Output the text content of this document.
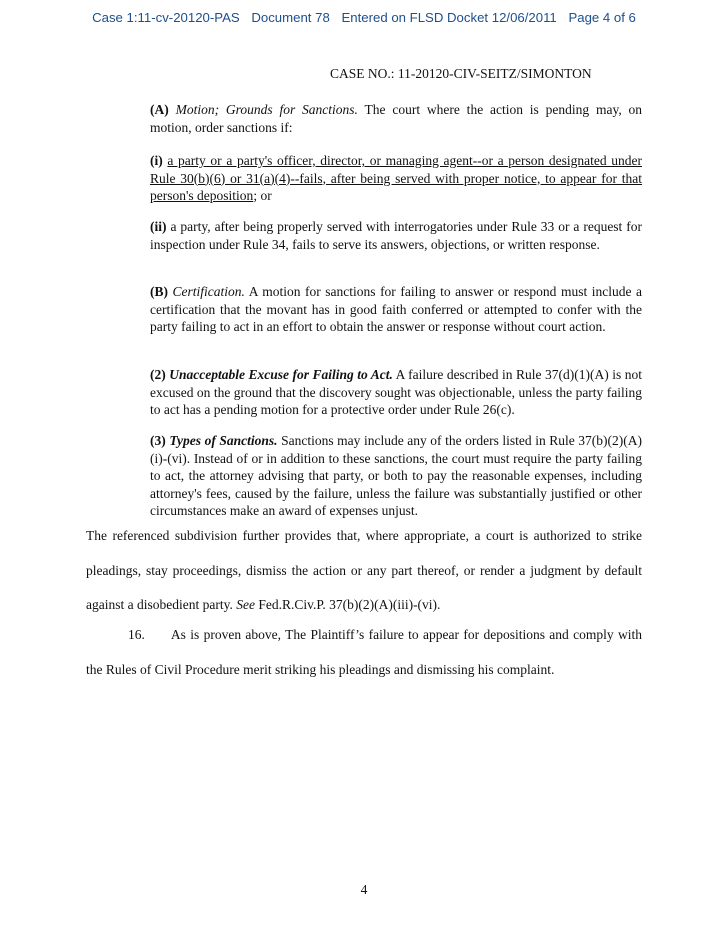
Case 1:11-cv-20120-PAS Document 78 Entered on FLSD Docket 12/06/2011 Page 4 of 6
CASE NO.: 11-20120-CIV-SEITZ/SIMONTON

(A) Motion; Grounds for Sanctions. The court where the action is pending may, on motion, order sanctions if:

(i) a party or a party's officer, director, or managing agent--or a person designated under Rule 30(b)(6) or 31(a)(4)--fails, after being served with proper notice, to appear for that person's deposition; or

(ii) a party, after being properly served with interrogatories under Rule 33 or a request for inspection under Rule 34, fails to serve its answers, objections, or written response.

(B) Certification. A motion for sanctions for failing to answer or respond must include a certification that the movant has in good faith conferred or attempted to confer with the party failing to act in an effort to obtain the answer or response without court action.

(2) Unacceptable Excuse for Failing to Act. A failure described in Rule 37(d)(1)(A) is not excused on the ground that the discovery sought was objectionable, unless the party failing to act has a pending motion for a protective order under Rule 26(c).

(3) Types of Sanctions. Sanctions may include any of the orders listed in Rule 37(b)(2)(A)(i)-(vi). Instead of or in addition to these sanctions, the court must require the party failing to act, the attorney advising that party, or both to pay the reasonable expenses, including attorney's fees, caused by the failure, unless the failure was substantially justified or other circumstances make an award of expenses unjust.

The referenced subdivision further provides that, where appropriate, a court is authorized to strike pleadings, stay proceedings, dismiss the action or any part thereof, or render a judgment by default against a disobedient party. See Fed.R.Civ.P. 37(b)(2)(A)(iii)-(vi).

16. As is proven above, The Plaintiff’s failure to appear for depositions and comply with the Rules of Civil Procedure merit striking his pleadings and dismissing his complaint.

4
